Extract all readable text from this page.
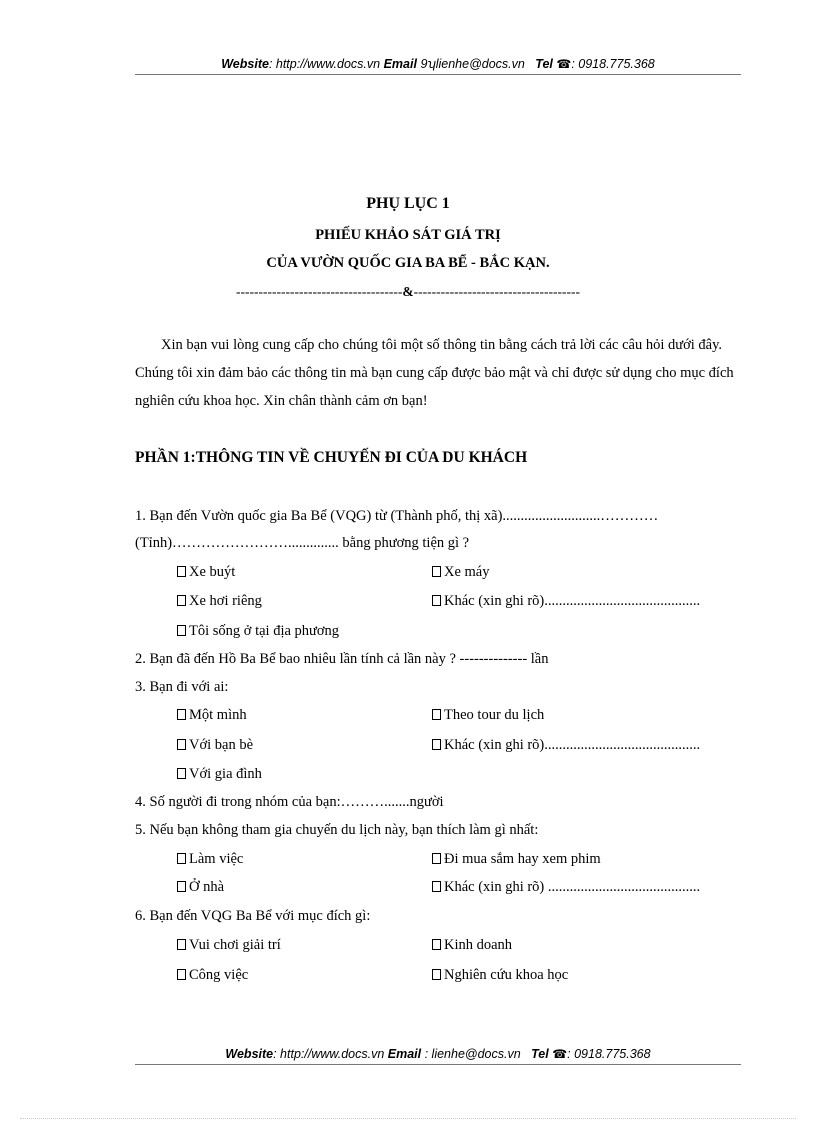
Website: http://www.docs.vn Email 9ʮlienhe@docs.vn Tel ☎: 0918.775.368
PHỤ LỤC 1
PHIẾU KHẢO SÁT GIÁ TRỊ
CỦA VƯỜN QUỐC GIA BA BỂ - BẮC KẠN.
-------------------------------------&-------------------------------------

Xin bạn vui lòng cung cấp cho chúng tôi một số thông tin bằng cách trả lời các câu hỏi dưới đây. Chúng tôi xin đảm bảo các thông tin mà bạn cung cấp được bảo mật và chỉ được sử dụng cho mục đích nghiên cứu khoa học. Xin chân thành cảm ơn bạn!

PHẦN 1:THÔNG TIN VỀ CHUYẾN ĐI CỦA DU KHÁCH
1. Bạn đến Vườn quốc gia Ba Bể (VQG) từ (Thành phố, thị xã)...........................…………
(Tỉnh)…………………….............. bằng phương tiện gì ?
Xe buýt	Xe máy
Xe hơi riêng	Khác (xin ghi rõ)...........................................
Tôi sống ở tại địa phương
2. Bạn đã đến Hồ Ba Bể bao nhiêu lần tính cả lần này ? -------------- lần
3. Bạn đi với ai:
Một mình	Theo tour du lịch
Với bạn bè	Khác (xin ghi rõ)...........................................
Với gia đình
4. Số người đi trong nhóm của bạn:……….......người
5. Nếu bạn không tham gia chuyến du lịch này, bạn thích làm gì nhất:
Làm việc	Đi mua sắm hay xem phim
Ở nhà	Khác (xin ghi rõ) ..........................................
6. Bạn đến VQG Ba Bể với mục đích gì:
Vui chơi giải trí	Kinh doanh
Công việc	Nghiên cứu khoa học
Website: http://www.docs.vn Email : lienhe@docs.vn Tel ☎: 0918.775.368
